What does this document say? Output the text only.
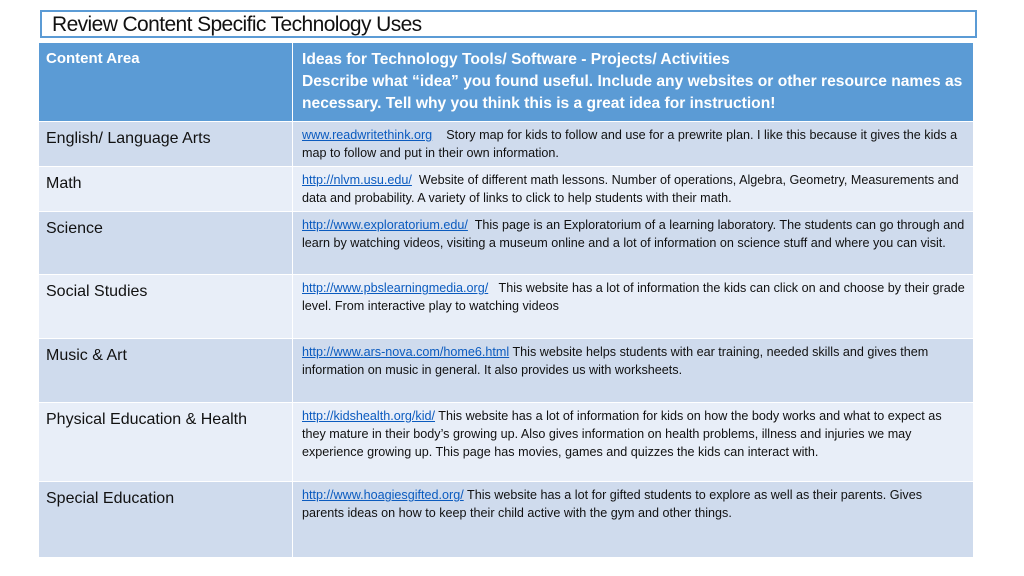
Review Content Specific Technology Uses
Content Area	Ideas for Technology Tools/ Software - Projects/ Activities
Describe what “idea” you found useful. Include any websites or other resource names as necessary. Tell why you think this is a great idea for instruction!

English/ Language Arts	www.readwritethink.org Story map for kids to follow and use for a prewrite plan. I like this because it gives the kids a map to follow and put in their own information.
Math	http://nlvm.usu.edu/ Website of different math lessons. Number of operations, Algebra, Geometry, Measurements and data and probability. A variety of links to click to help students with their math.
Science	http://www.exploratorium.edu/ This page is an Exploratorium of a learning laboratory. The students can go through and learn by watching videos, visiting a museum online and a lot of information on science stuff and where you can visit.
Social Studies	http://www.pbslearningmedia.org/ This website has a lot of information the kids can click on and choose by their grade level. From interactive play to watching videos
Music & Art	http://www.ars-nova.com/home6.html This website helps students with ear training, needed skills and gives them information on music in general. It also provides us with worksheets.
Physical Education & Health	http://kidshealth.org/kid/ This website has a lot of information for kids on how the body works and what to expect as they mature in their body’s growing up. Also gives information on health problems, illness and injuries we may experience growing up. This page has movies, games and quizzes the kids can interact with.
Special Education	http://www.hoagiesgifted.org/ This website has a lot for gifted students to explore as well as their parents. Gives parents ideas on how to keep their child active with the gym and other things.
